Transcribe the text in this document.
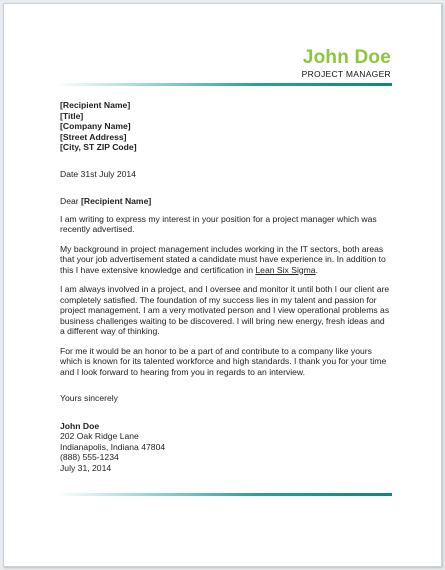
John Doe
PROJECT MANAGER
[Recipient Name]
[Title]
[Company Name]
[Street Address]
[City, ST ZIP Code]

Date 31st July 2014

Dear [Recipient Name]

I am writing to express my interest in your position for a project manager which was recently advertised.

My background in project management includes working in the IT sectors, both areas that your job advertisement stated a candidate must have experience in. In addition to this I have extensive knowledge and certification in Lean Six Sigma.

I am always involved in a project, and I oversee and monitor it until both I our client are completely satisfied. The foundation of my success lies in my talent and passion for project management. I am a very motivated person and I view operational problems as business challenges waiting to be discovered. I will bring new energy, fresh ideas and a different way of thinking.

For me it would be an honor to be a part of and contribute to a company like yours which is known for its talented workforce and high standards. I thank you for your time and I look forward to hearing from you in regards to an interview.

Yours sincerely

John Doe
202 Oak Ridge Lane
Indianapolis, Indiana 47804
(888) 555-1234
July 31, 2014
